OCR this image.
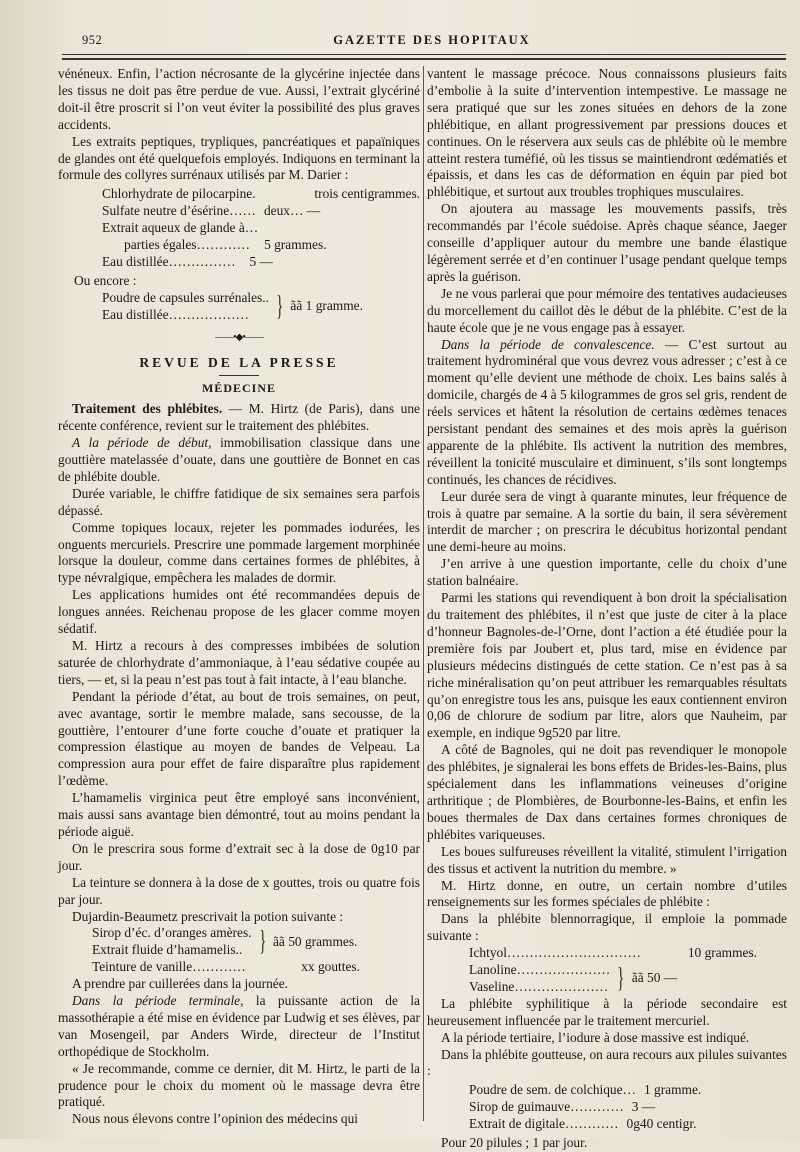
952	GAZETTE DES HOPITAUX

vénéneux. Enfin, l’action nécrosante de la glycérine injectée dans les tissus ne doit pas être perdue de vue. Aussi, l’extrait glycériné doit-il être proscrit si l’on veut éviter la possibilité des plus graves accidents.

Les extraits peptiques, trypliques, pancréatiques et papaïniques de glandes ont été quelquefois employés. Indiquons en terminant la formule des collyres surrénaux utilisés par M. Darier :

Chlorhydrate de pilocarpine.	trois centigrammes.
Sulfate neutre d’ésérine…… deux… —
Extrait aqueux de glande à…
parties égales………… 5 grammes.
Eau distillée…………… 5 —

Ou encore :

Poudre de capsules surrénales..
Eau distillée……………… } ãã 1 gramme.
——•◆•——
REVUE DE LA PRESSE
MÉDECINE

Traitement des phlébites. — M. Hirtz (de Paris), dans une récente conférence, revient sur le traitement des phlébites.

A la période de début, immobilisation classique dans une gouttière matelassée d’ouate, dans une gouttière de Bonnet en cas de phlébite double.

Durée variable, le chiffre fatidique de six semaines sera parfois dépassé.

Comme topiques locaux, rejeter les pommades iodurées, les onguents mercuriels. Prescrire une pommade largement morphinée lorsque la douleur, comme dans certaines formes de phlébites, à type névralgique, empêchera les malades de dormir.

Les applications humides ont été recommandées depuis de longues années. Reichenau propose de les glacer comme moyen sédatif.

M. Hirtz a recours à des compresses imbibées de solution saturée de chlorhydrate d’ammoniaque, à l’eau sédative coupée au tiers, — et, si la peau n’est pas tout à fait intacte, à l’eau blanche.

Pendant la période d’état, au bout de trois semaines, on peut, avec avantage, sortir le membre malade, sans secousse, de la gouttière, l’entourer d’une forte couche d’ouate et pratiquer la compression élastique au moyen de bandes de Velpeau. La compression aura pour effet de faire disparaître plus rapidement l’œdème.

L’hamamelis virginica peut être employé sans inconvénient, mais aussi sans avantage bien démontré, tout au moins pendant la période aiguë.

On le prescrira sous forme d’extrait sec à la dose de 0g10 par jour.

La teinture se donnera à la dose de x gouttes, trois ou quatre fois par jour.

Dujardin-Beaumetz prescrivait la potion suivante :

Sirop d’éc. d’oranges amères.
Extrait fluide d’hamamelis.. } ãã 50 grammes.
Teinture de vanille…………	xx gouttes.

A prendre par cuillerées dans la journée.

Dans la période terminale, la puissante action de la massothérapie a été mise en évidence par Ludwig et ses élèves, par van Mosengeil, par Anders Wirde, directeur de l’Institut orthopédique de Stockholm.

« Je recommande, comme ce dernier, dit M. Hirtz, le parti de la prudence pour le choix du moment où le massage devra être pratiqué.

Nous nous élevons contre l’opinion des médecins qui

vantent le massage précoce. Nous connaissons plusieurs faits d’embolie à la suite d’intervention intempestive. Le massage ne sera pratiqué que sur les zones situées en dehors de la zone phlébitique, en allant progressivement par pressions douces et continues. On le réservera aux seuls cas de phlébite où le membre atteint restera tuméfié, où les tissus se maintiendront œdématiés et épaissis, et dans les cas de déformation en équin par pied bot phlébitique, et surtout aux troubles trophiques musculaires.

On ajoutera au massage les mouvements passifs, très recommandés par l’école suédoise. Après chaque séance, Jaeger conseille d’appliquer autour du membre une bande élastique légèrement serrée et d’en continuer l’usage pendant quelque temps après la guérison.

Je ne vous parlerai que pour mémoire des tentatives audacieuses du morcellement du caillot dès le début de la phlébite. C’est de la haute école que je ne vous engage pas à essayer.

Dans la période de convalescence. — C’est surtout au traitement hydrominéral que vous devrez vous adresser ; c’est à ce moment qu’elle devient une méthode de choix. Les bains salés à domicile, chargés de 4 à 5 kilogrammes de gros sel gris, rendent de réels services et hâtent la résolution de certains œdèmes tenaces persistant pendant des semaines et des mois après la guérison apparente de la phlébite. Ils activent la nutrition des membres, réveillent la tonicité musculaire et diminuent, s’ils sont longtemps continués, les chances de récidives.

Leur durée sera de vingt à quarante minutes, leur fréquence de trois à quatre par semaine. A la sortie du bain, il sera sévèrement interdit de marcher ; on prescrira le décubitus horizontal pendant une demi-heure au moins.

J’en arrive à une question importante, celle du choix d’une station balnéaire.

Parmi les stations qui revendiquent à bon droit la spécialisation du traitement des phlébites, il n’est que juste de citer à la place d’honneur Bagnoles-de-l’Orne, dont l’action a été étudiée pour la première fois par Joubert et, plus tard, mise en évidence par plusieurs médecins distingués de cette station. Ce n’est pas à sa riche minéralisation qu’on peut attribuer les remarquables résultats qu’on enregistre tous les ans, puisque les eaux contiennent environ 0,06 de chlorure de sodium par litre, alors que Nauheim, par exemple, en indique 9g520 par litre.

A côté de Bagnoles, qui ne doit pas revendiquer le monopole des phlébites, je signalerai les bons effets de Brides-les-Bains, plus spécialement dans les inflammations veineuses d’origine arthritique ; de Plombières, de Bourbonne-les-Bains, et enfin les boues thermales de Dax dans certaines formes chroniques de phlébites variqueuses.

Les boues sulfureuses réveillent la vitalité, stimulent l’irrigation des tissus et activent la nutrition du membre. »

M. Hirtz donne, en outre, un certain nombre d’utiles renseignements sur les formes spéciales de phlébite :

Dans la phlébite blennorragique, il emploie la pommade suivante :

Ichtyol…………………………	10 grammes.
Lanoline…………………
Vaseline………………… } ãã 50 —

La phlébite syphilitique à la période secondaire est heureusement influencée par le traitement mercuriel.

A la période tertiaire, l’iodure à dose massive est indiqué.

Dans la phlébite goutteuse, on aura recours aux pilules suivantes :

Poudre de sem. de colchique… 1 gramme.
Sirop de guimauve………… 3 —
Extrait de digitale………… 0g40 centigr.

Pour 20 pilules ; 1 par jour.
